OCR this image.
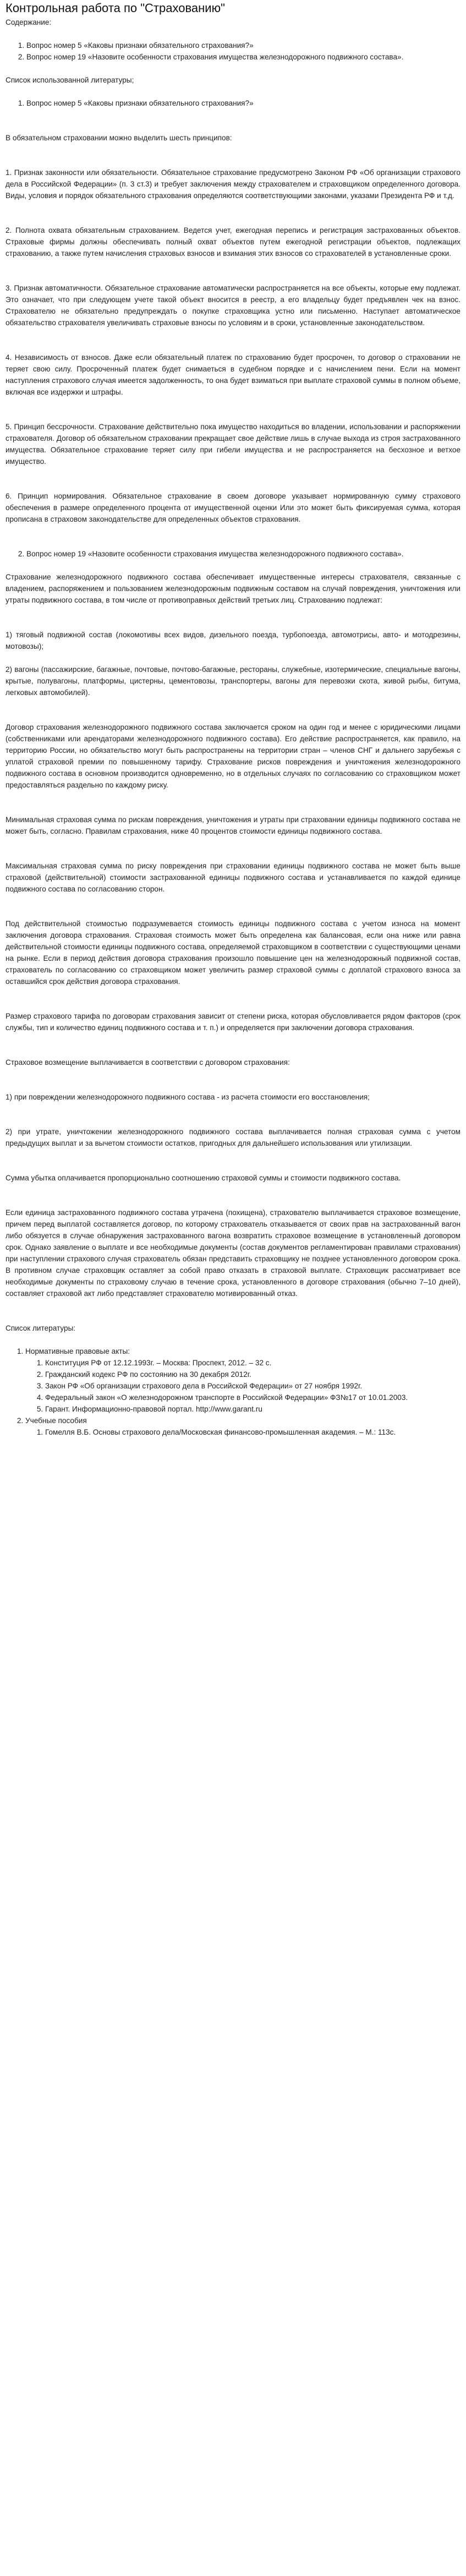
Контрольная работа по "Страхованию"
Содержание:
1. Вопрос номер 5 «Каковы признаки обязательного страхования?»
2. Вопрос номер 19 «Назовите особенности страхования имущества железнодорожного подвижного состава».

Список использованной литературы;

1. Вопрос номер 5 «Каковы признаки обязательного страхования?»

В обязательном страховании можно выделить шесть принципов:

1. Признак законности или обязательности. Обязательное страхование предусмотрено Законом РФ «Об организации страхового дела в Российской Федерации» (п. 3 ст.3) и требует заключения между страхователем и страховщиком определенного договора. Виды, условия и порядок обязательного страхования определяются соответствующими законами, указами Президента РФ и т.д.

2. Полнота охвата обязательным страхованием. Ведется учет, ежегодная перепись и регистрация застрахованных объектов. Страховые фирмы должны обеспечивать полный охват объектов путем ежегодной регистрации объектов, подлежащих страхованию, а также путем начисления страховых взносов и взимания этих взносов со страхователей в установленные сроки.

3. Признак автоматичности. Обязательное страхование автоматически распространяется на все объекты, которые ему подлежат. Это означает, что при следующем учете такой объект вносится в реестр, а его владельцу будет предъявлен чек на взнос. Страхователю не обязательно предупреждать о покупке страховщика устно или письменно. Наступает автоматическое обязательство страхователя увеличивать страховые взносы по условиям и в сроки, установленные законодательством.

4. Независимость от взносов. Даже если обязательный платеж по страхованию будет просрочен, то договор о страховании не теряет свою силу. Просроченный платеж будет снимаеться в судебном порядке и с начислением пени. Если на момент наступления страхового случая имеется задолженность, то она будет взиматься при выплате страховой суммы в полном объеме, включая все издержки и штрафы.

5. Принцип бессрочности. Страхование действительно пока имущество находиться во владении, использовании и распоряжении страхователя. Договор об обязательном страховании прекращает свое действие лишь в случае выхода из строя застрахованного имущества. Обязательное страхование теряет силу при гибели имущества и не распространяется на бесхозное и ветхое имущество.

6. Принцип нормирования. Обязательное страхование в своем договоре указывает нормированную сумму страхового обеспечения в размере определенного процента от имущественной оценки Или это может быть фиксируемая сумма, которая прописана в страховом законодательстве для определенных объектов страхования.

2. Вопрос номер 19 «Назовите особенности страхования имущества железнодорожного подвижного состава».

Страхование железнодорожного подвижного состава обеспечивает имущественные интересы страхователя, связанные с владением, распоряжением и пользованием железнодорожным подвижным составом на случай повреждения, уничтожения или утраты подвижного состава, в том числе от противоправных действий третьих лиц. Страхованию подлежат:

1) тяговый подвижной состав (локомотивы всех видов, дизельного поезда, турбопоезда, автомотрисы, авто- и мотодрезины, мотовозы);

2) вагоны (пассажирские, багажные, почтовые, почтово-багажные, рестораны, служебные, изотермические, специальные вагоны, крытые, полувагоны, платформы, цистерны, цементовозы, транспортеры, вагоны для перевозки скота, живой рыбы, битума, легковых автомобилей).

Договор страхования железнодорожного подвижного состава заключается сроком на один год и менее с юридическими лицами (собственниками или арендаторами железнодорожного подвижного состава). Его действие распространяется, как правило, на территорию России, но обязательство могут быть распространены на территории стран – членов СНГ и дальнего зарубежья с уплатой страховой премии по повышенному тарифу. Страхование рисков повреждения и уничтожения железнодорожного подвижного состава в основном производится одновременно, но в отдельных случаях по согласованию со страховщиком может предоставляться раздельно по каждому риску.

Минимальная страховая сумма по рискам повреждения, уничтожения и утраты при страховании единицы подвижного состава не может быть, согласно. Правилам страхования, ниже 40 процентов стоимости единицы подвижного состава.

Максимальная страховая сумма по риску повреждения при страховании единицы подвижного состава не может быть выше страховой (действительной) стоимости застрахованной единицы подвижного состава и устанавливается по каждой единице подвижного состава по согласованию сторон.

Под действительной стоимостью подразумевается стоимость единицы подвижного состава с учетом износа на момент заключения договора страхования. Страховая стоимость может быть определена как балансовая, если она ниже или равна действительной стоимости единицы подвижного состава, определяемой страховщиком в соответствии с существующими ценами на рынке. Если в период действия договора страхования произошло повышение цен на железнодорожный подвижной состав, страхователь по согласованию со страховщиком может увеличить размер страховой суммы с доплатой страхового взноса за оставшийся срок действия договора страхования.

Размер страхового тарифа по договорам страхования зависит от степени риска, которая обусловливается рядом факторов (срок службы, тип и количество единиц подвижного состава и т. п.) и определяется при заключении договора страхования.

Страховое возмещение выплачивается в соответствии с договором страхования:

1) при повреждении железнодорожного подвижного состава - из расчета стоимости его восстановления;

2) при утрате, уничтожении железнодорожного подвижного состава выплачивается полная страховая сумма с учетом предыдущих выплат и за вычетом стоимости остатков, пригодных для дальнейшего использования или утилизации.

Сумма убытка оплачивается пропорционально соотношению страховой суммы и стоимости подвижного состава.

Если единица застрахованного подвижного состава утрачена (похищена), страхователю выплачивается страховое возмещение, причем перед выплатой составляется договор, по которому страхователь отказывается от своих прав на застрахованный вагон либо обязуется в случае обнаружения застрахованного вагона возвратить страховое возмещение в установленный договором срок. Однако заявление о выплате и все необходимые документы (состав документов регламентирован правилами страхования) при наступлении страхового случая страхователь обязан представить страховщику не позднее установленного договором срока. В противном случае страховщик оставляет за собой право отказать в страховой выплате. Страховщик рассматривает все необходимые документы по страховому случаю в течение срока, установленного в договоре страхования (обычно 7–10 дней), составляет страховой акт либо представляет страхователю мотивированный отказ.

Список литературы:
1. Нормативные правовые акты:
1. Конституция РФ от 12.12.1993г. – Москва: Проспект, 2012. – 32 с.
2. Гражданский кодекс РФ по состоянию на 30 декабря 2012г.
3. Закон РФ «Об организации страхового дела в Российской Федерации» от 27 ноября 1992г.
4. Федеральный закон «О железнодорожном транспорте в Российской Федерации» ФЗ№17 от 10.01.2003.
5. Гарант. Информационно-правовой портал. http://www.garant.ru
2. Учебные пособия
1. Гомелля В.Б. Основы страхового дела/Московская финансово-промышленная академия. – М.: 113с.
